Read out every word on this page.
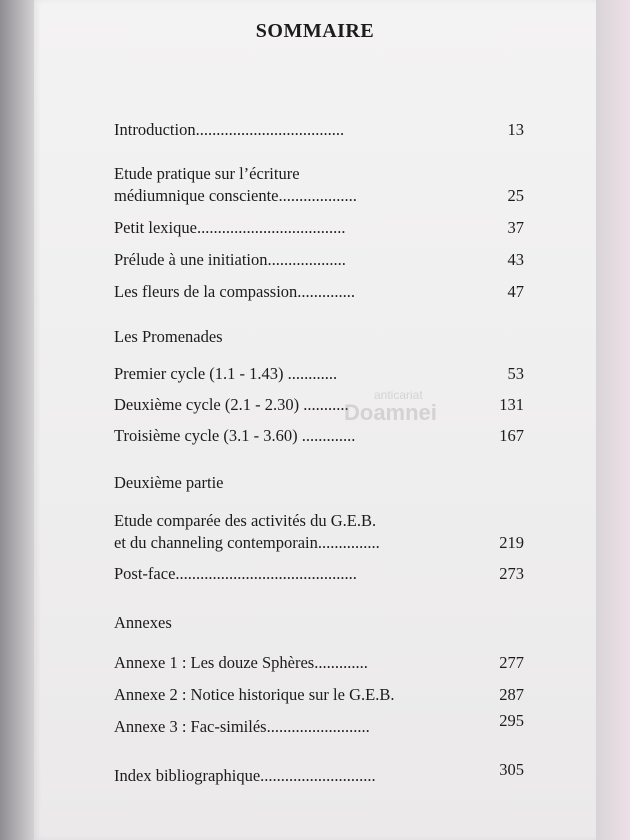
SOMMAIRE
Introduction....................................	13
Etude pratique sur l’écriture
médiumnique consciente...................	25
Petit lexique....................................	37
Prélude à une initiation...................	43
Les fleurs de la compassion..............	47
Les Promenades
Premier cycle (1.1 - 1.43) ............	53
Deuxième cycle (2.1 - 2.30) ...........	131
Troisième cycle (3.1 - 3.60) .............	167
Deuxième partie
Etude comparée des activités du G.E.B.
et du channeling contemporain...............	219
Post-face............................................	273
Annexes
Annexe 1 : Les douze Sphères.............	277
Annexe 2 : Notice historique sur le G.E.B.	287
Annexe 3 : Fac-similés.........................	295
Index bibliographique............................	305
anticariat
Doamnei
